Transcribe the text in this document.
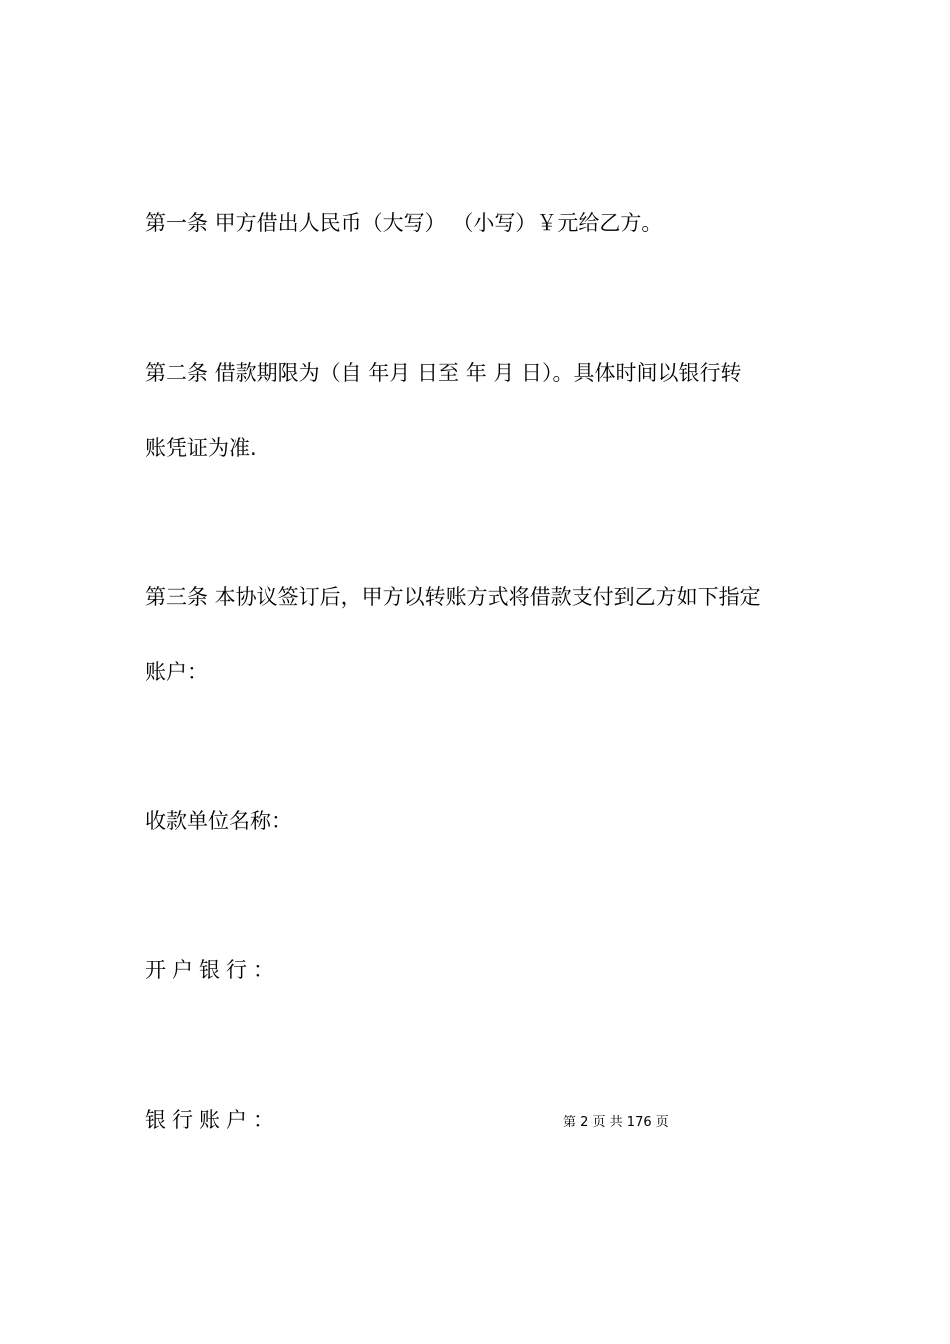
第一条 甲方借出人民币（大写） （小写）￥元给乙方。

第二条 借款期限为（自 年月 日至 年 月 日）。具体时间以银行转

账凭证为准.

第三条 本协议签订后，甲方以转账方式将借款支付到乙方如下指定

账户：

收款单位名称：

开户银行：

银行账户：	第 2 页 共 176 页
